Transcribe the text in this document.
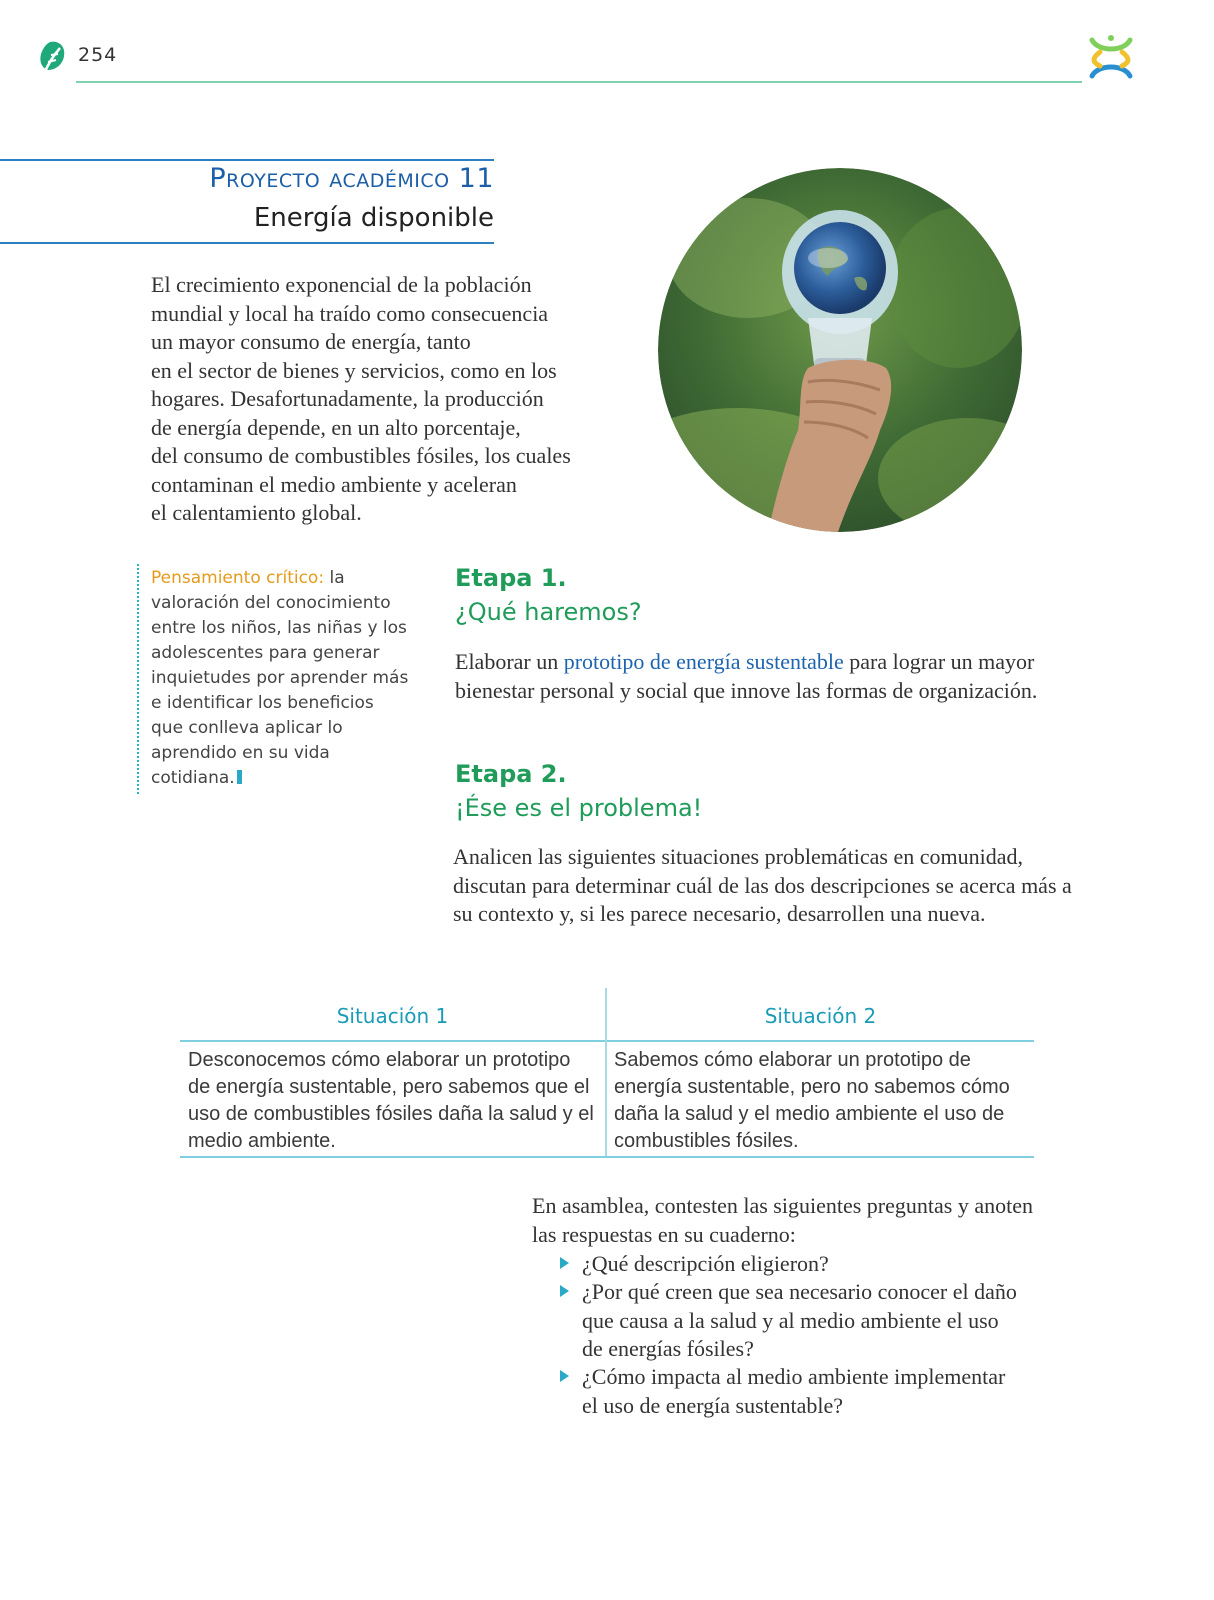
254
Proyecto académico 11
Energía disponible
El crecimiento exponencial de la población
mundial y local ha traído como consecuencia
un mayor consumo de energía, tanto
en el sector de bienes y servicios, como en los
hogares. Desafortunadamente, la producción
de energía depende, en un alto porcentaje,
del consumo de combustibles fósiles, los cuales
contaminan el medio ambiente y aceleran
el calentamiento global.
Pensamiento crítico: la valoración del conocimiento entre los niños, las niñas y los adolescentes para generar inquietudes por aprender más e identificar los beneficios que conlleva aplicar lo aprendido en su vida cotidiana.
Etapa 1.
¿Qué haremos?
Elaborar un prototipo de energía sustentable para lograr un mayor bienestar personal y social que innove las formas de organización.
Etapa 2.
¡Ése es el problema!
Analicen las siguientes situaciones problemáticas en comunidad, discutan para determinar cuál de las dos descripciones se acerca más a su contexto y, si les parece necesario, desarrollen una nueva.
Situación 1	Situación 2
Desconocemos cómo elaborar un prototipo de energía sustentable, pero sabemos que el uso de combustibles fósiles daña la salud y el medio ambiente.
Sabemos cómo elaborar un prototipo de energía sustentable, pero no sabemos cómo daña la salud y el medio ambiente el uso de combustibles fósiles.
En asamblea, contesten las siguientes preguntas y anoten las respuestas en su cuaderno:
¿Qué descripción eligieron?
¿Por qué creen que sea necesario conocer el daño que causa a la salud y al medio ambiente el uso de energías fósiles?
¿Cómo impacta al medio ambiente implementar el uso de energía sustentable?
